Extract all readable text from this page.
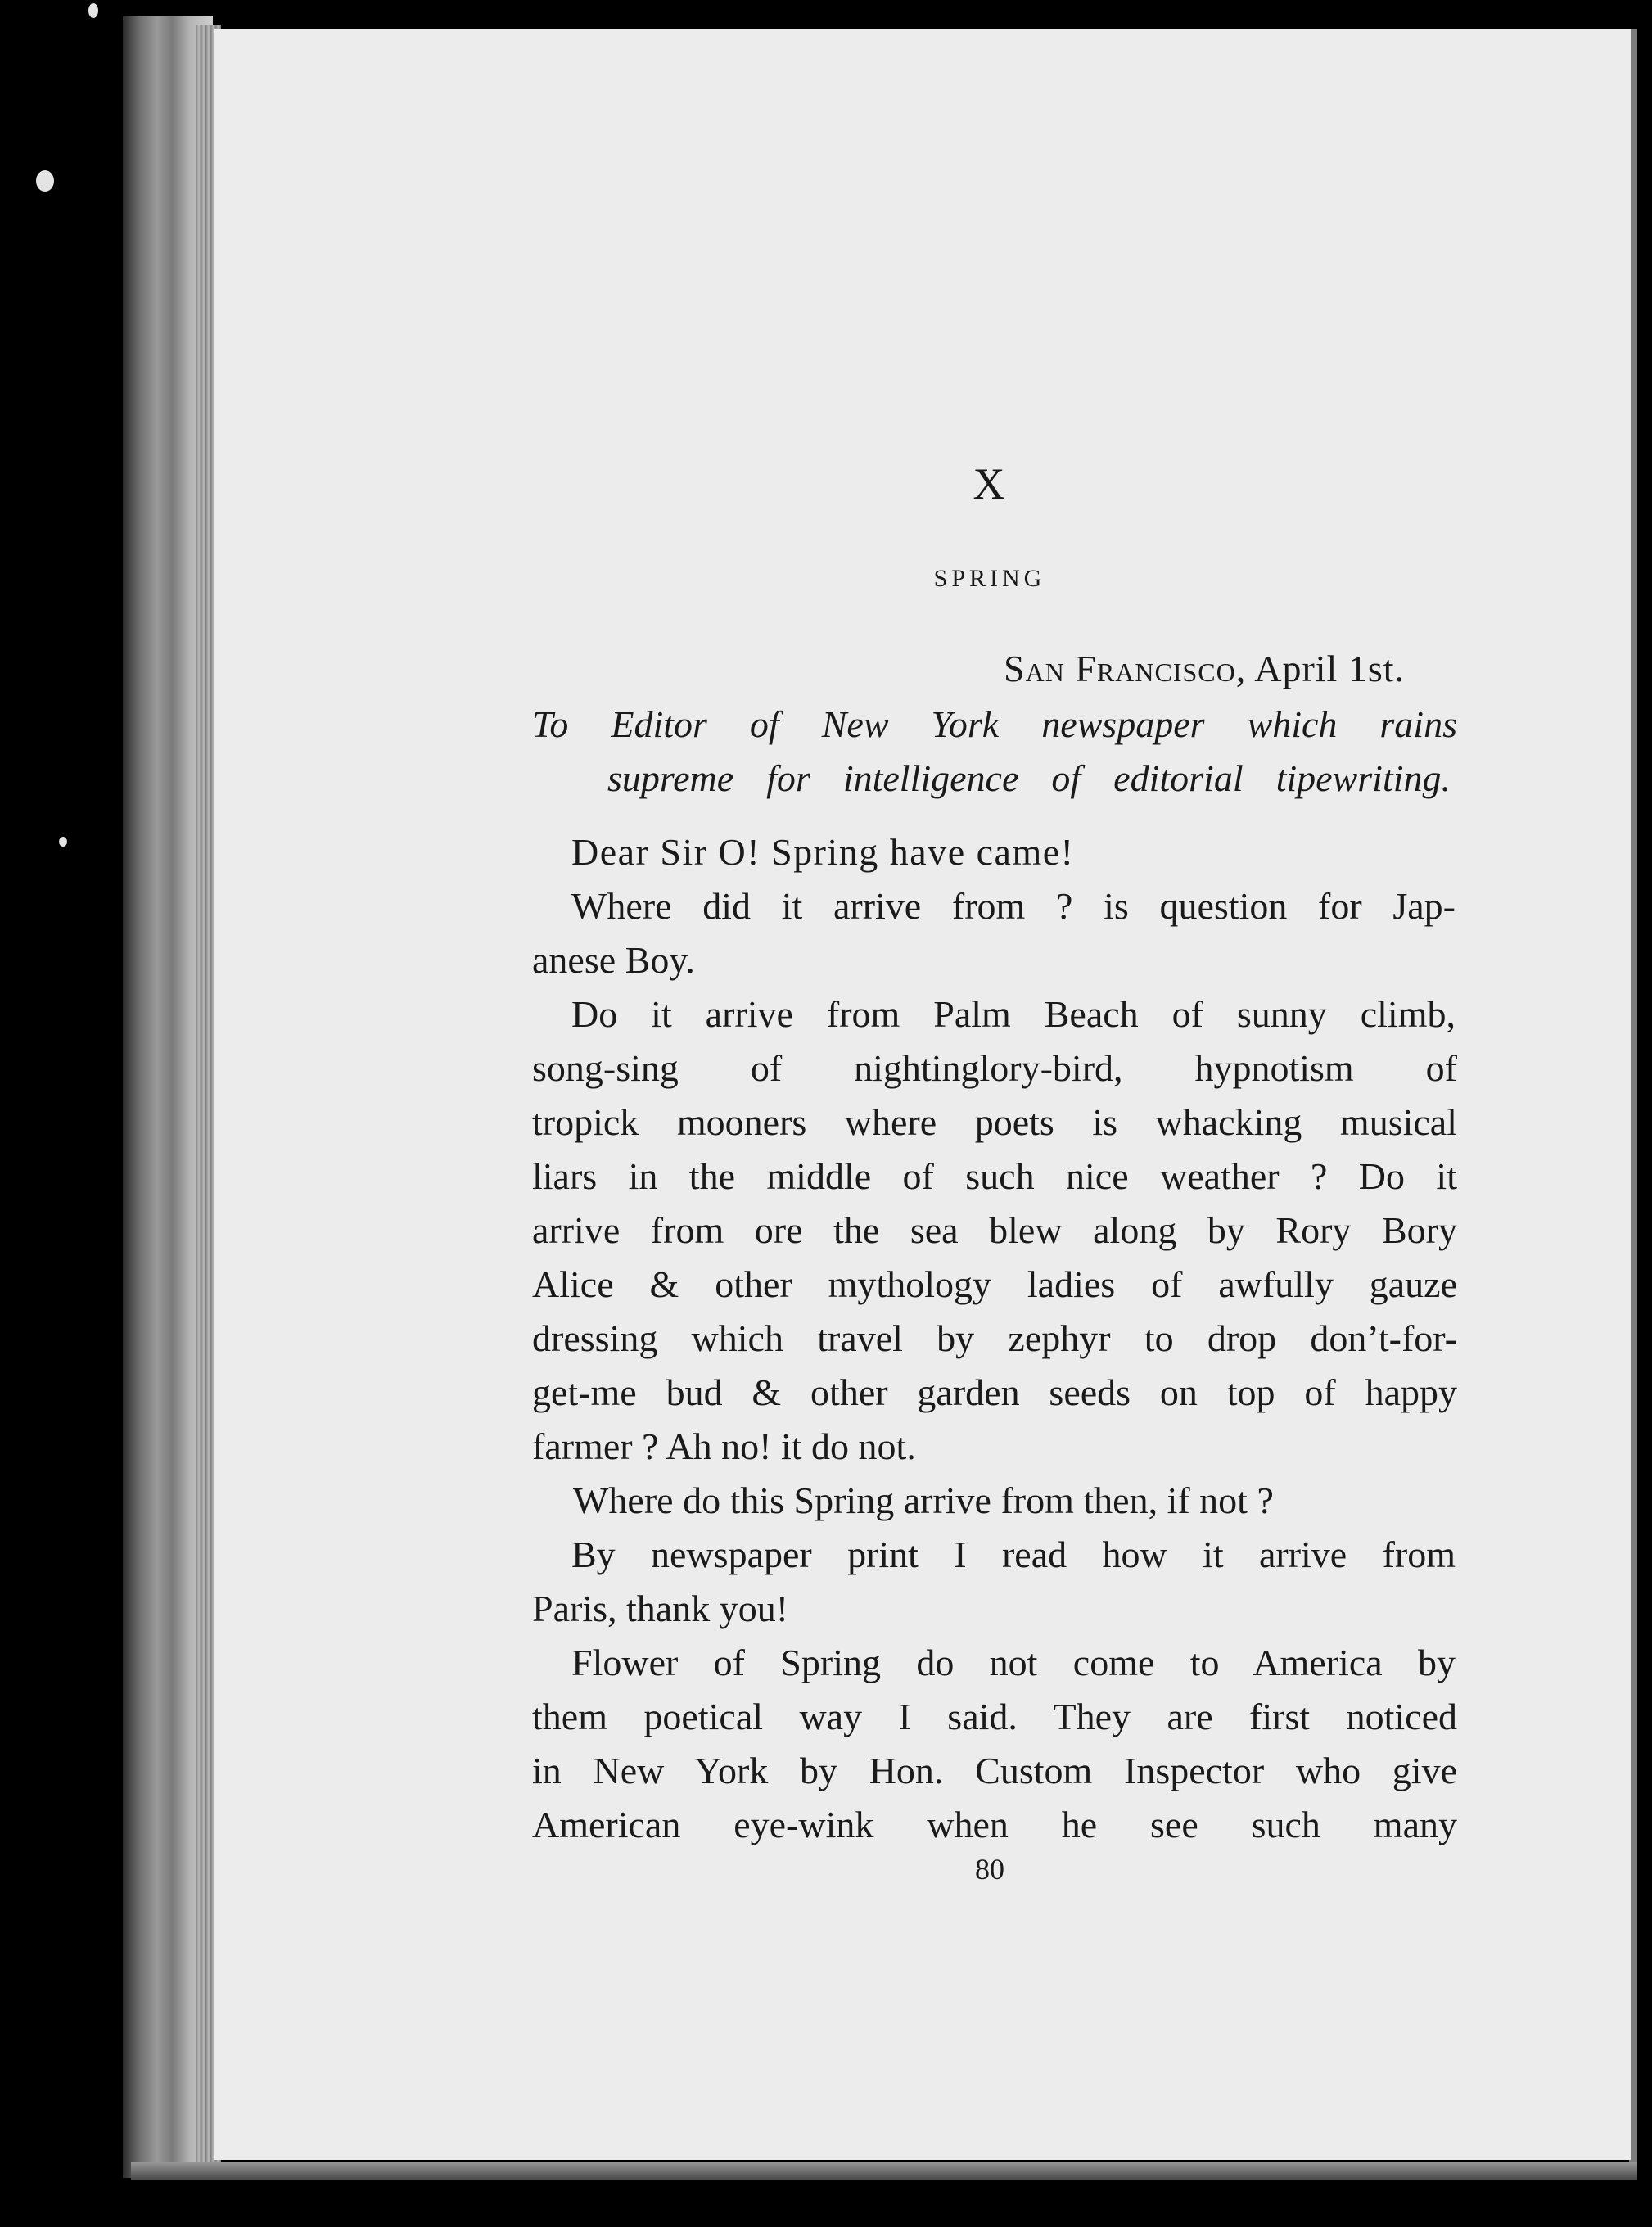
X
SPRING
San Francisco, April 1st.
To Editor of New York newspaper which rains
supreme for intelligence of editorial tipewriting.
Dear Sir O! Spring have came!
Where did it arrive from ? is question for Jap-
anese Boy.
Do it arrive from Palm Beach of sunny climb,
song-sing of nightinglory-bird, hypnotism of
tropick mooners where poets is whacking musical
liars in the middle of such nice weather ? Do it
arrive from ore the sea blew along by Rory Bory
Alice & other mythology ladies of awfully gauze
dressing which travel by zephyr to drop don’t-for-
get-me bud & other garden seeds on top of happy
farmer ? Ah no! it do not.
Where do this Spring arrive from then, if not ?
By newspaper print I read how it arrive from
Paris, thank you!
Flower of Spring do not come to America by
them poetical way I said. They are first noticed
in New York by Hon. Custom Inspector who give
American eye-wink when he see such many
80
